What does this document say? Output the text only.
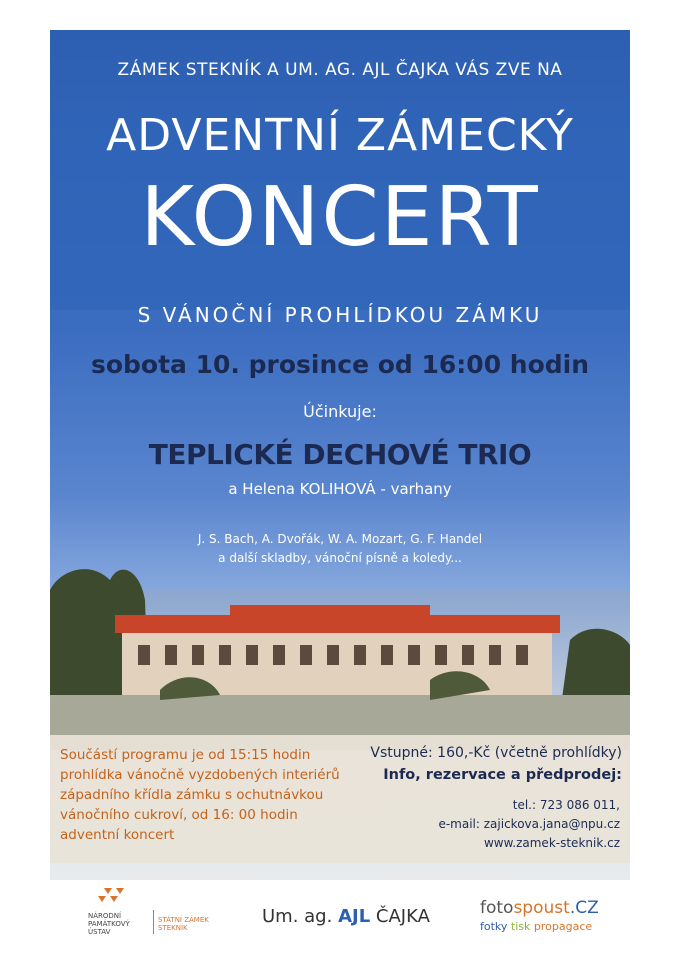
ZÁMEK STEKNÍK A UM. AG. AJL ČAJKA VÁS ZVE NA
ADVENTNÍ ZÁMECKÝ
KONCERT
S VÁNOČNÍ PROHLÍDKOU ZÁMKU
sobota 10. prosince od 16:00 hodin
Účinkuje:
TEPLICKÉ DECHOVÉ TRIO
a Helena KOLIHOVÁ - varhany
J. S. Bach, A. Dvořák, W. A. Mozart, G. F. Handel
a další skladby, vánoční písně a koledy...
Součástí programu je od 15:15 hodin
prohlídka vánočně vyzdobených interiérů
západního křídla zámku s ochutnávkou
vánočního cukroví, od 16: 00 hodin
adventní koncert
Vstupné: 160,-Kč (včetně prohlídky)
Info, rezervace a předprodej:
tel.: 723 086 011,
e-mail: zajickova.jana@npu.cz
www.zamek-steknik.cz
NÁRODNÍ
PAMÁTKOVÝ
ÚSTAV
STÁTNÍ ZÁMEK
STEKNÍK
Um. ag. AJL ČAJKA	fotospoust.CZ
fotky tisk propagace
